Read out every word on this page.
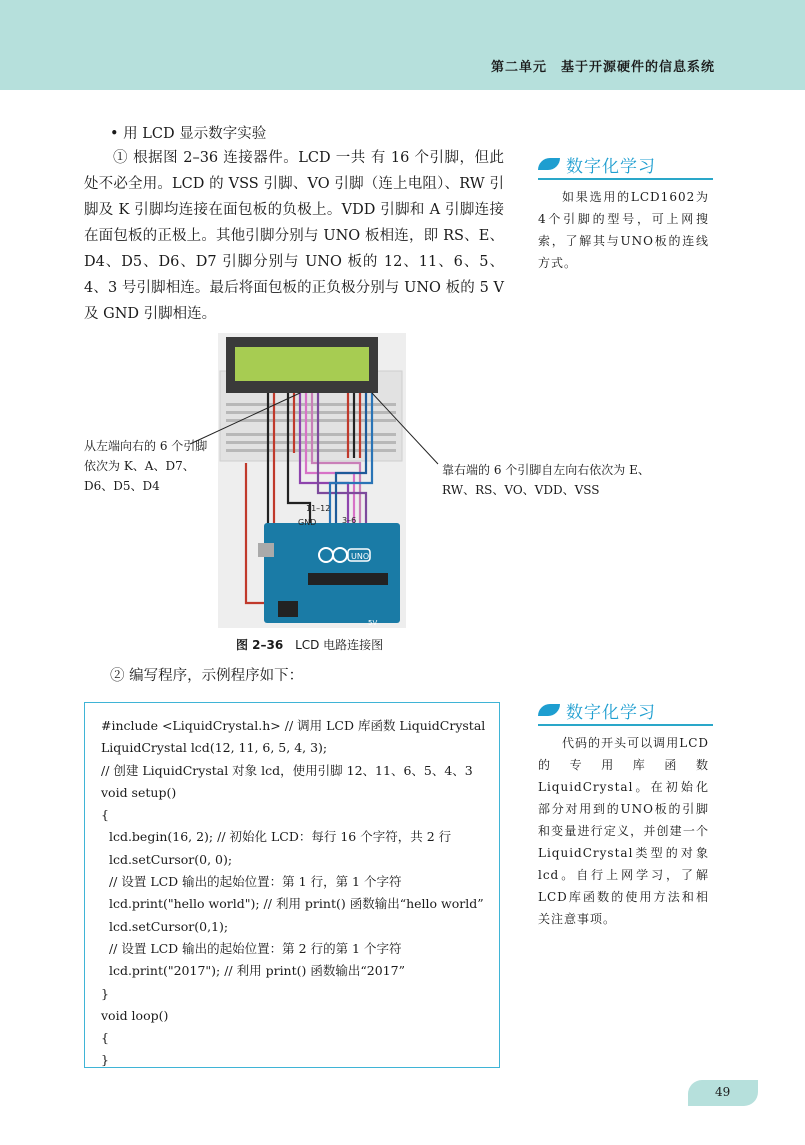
第二单元　基于开源硬件的信息系统
• 用 LCD 显示数字实验

① 根据图 2–36 连接器件。LCD 一共 有 16 个引脚，但此处不必全用。LCD 的 VSS 引脚、VO 引脚（连上电阻）、RW 引脚及 K 引脚均连接在面包板的负极上。VDD 引脚和 A 引脚连接在面包板的正极上。其他引脚分别与 UNO 板相连，即 RS、E、D4、D5、D6、D7 引脚分别与 UNO 板的 12、11、6、5、4、3 号引脚相连。最后将面包板的正负极分别与 UNO 板的 5 V 及 GND 引脚相连。

数字化学习
如果选用的LCD1602为4个引脚的型号，可上网搜索，了解其与UNO板的连线方式。
UNO
11–12
GND	3–6
5V
从左端向右的 6 个引脚依次为 K、A、D7、D6、D5、D4
靠右端的 6 个引脚自左向右依次为 E、RW、RS、VO、VDD、VSS
图 2–36 LCD 电路连接图
② 编写程序，示例程序如下：
#include <LiquidCrystal.h> // 调用 LCD 库函数 LiquidCrystal
LiquidCrystal lcd(12, 11, 6, 5, 4, 3);
// 创建 LiquidCrystal 对象 lcd，使用引脚 12、11、6、5、4、3
void setup()
{
lcd.begin(16, 2); // 初始化 LCD：每行 16 个字符，共 2 行
lcd.setCursor(0, 0);
// 设置 LCD 输出的起始位置：第 1 行，第 1 个字符
lcd.print("hello world"); // 利用 print() 函数输出“hello world”
lcd.setCursor(0,1);
// 设置 LCD 输出的起始位置：第 2 行的第 1 个字符
lcd.print("2017"); // 利用 print() 函数输出“2017”
}
void loop()
{
}
数字化学习
代码的开头可以调用LCD的专用库函数LiquidCrystal。在初始化部分对用到的UNO板的引脚和变量进行定义，并创建一个LiquidCrystal类型的对象lcd。自行上网学习，了解LCD库函数的使用方法和相关注意事项。
49
